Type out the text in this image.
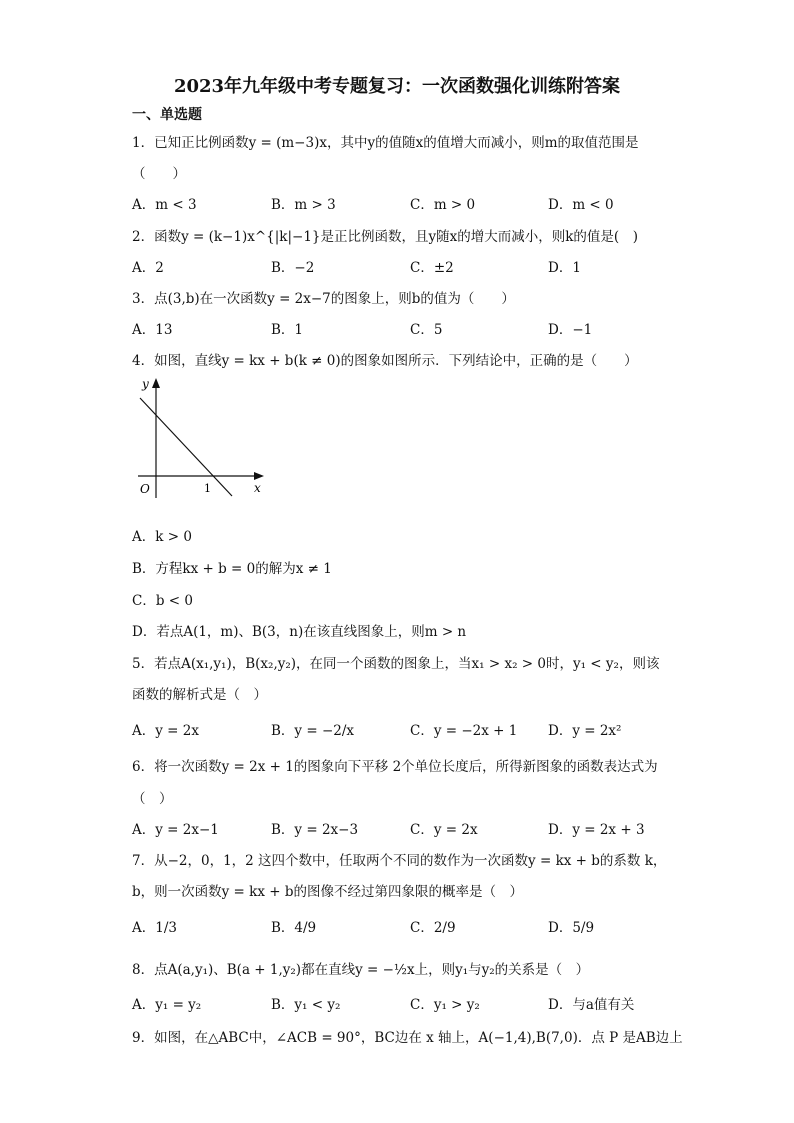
2023年九年级中考专题复习：一次函数强化训练附答案
一、单选题
1．已知正比例函数y = (m−3)x，其中y的值随x的值增大而减小，则m的取值范围是
（　　）
A．m < 3	B．m > 3	C．m > 0	D．m < 0
2．函数y = (k−1)x^{|k|−1}是正比例函数，且y随x的增大而减小，则k的值是(　)
A．2	B．−2	C．±2	D．1
3．点(3,b)在一次函数y = 2x−7的图象上，则b的值为（　　）
A．13	B．1	C．5	D．−1
4．如图，直线y = kx + b(k ≠ 0)的图象如图所示．下列结论中，正确的是（　　）
y
x
O	1
A．k > 0
B．方程kx + b = 0的解为x ≠ 1
C．b < 0
D．若点A(1，m)、B(3，n)在该直线图象上，则m > n
5．若点A(x₁,y₁)，B(x₂,y₂)，在同一个函数的图象上，当x₁ > x₂ > 0时，y₁ < y₂，则该
函数的解析式是（　）
A．y = 2x	B．y = −2/x	C．y = −2x + 1 D．y = 2x²
6．将一次函数y = 2x + 1的图象向下平移 2个单位长度后，所得新图象的函数表达式为
（　）
A．y = 2x−1	B．y = 2x−3	C．y = 2x	D．y = 2x + 3
7．从−2，0，1，2 这四个数中，任取两个不同的数作为一次函数y = kx + b的系数 k，
b，则一次函数y = kx + b的图像不经过第四象限的概率是（　）
A．1/3	B．4/9	C．2/9	D．5/9
8．点A(a,y₁)、B(a + 1,y₂)都在直线y = −½x上，则y₁与y₂的关系是（　）
A．y₁ = y₂	B．y₁ < y₂	C．y₁ > y₂	D．与a值有关
9．如图，在△ABC中，∠ACB = 90°，BC边在 x 轴上，A(−1,4),B(7,0)．点 P 是AB边上
